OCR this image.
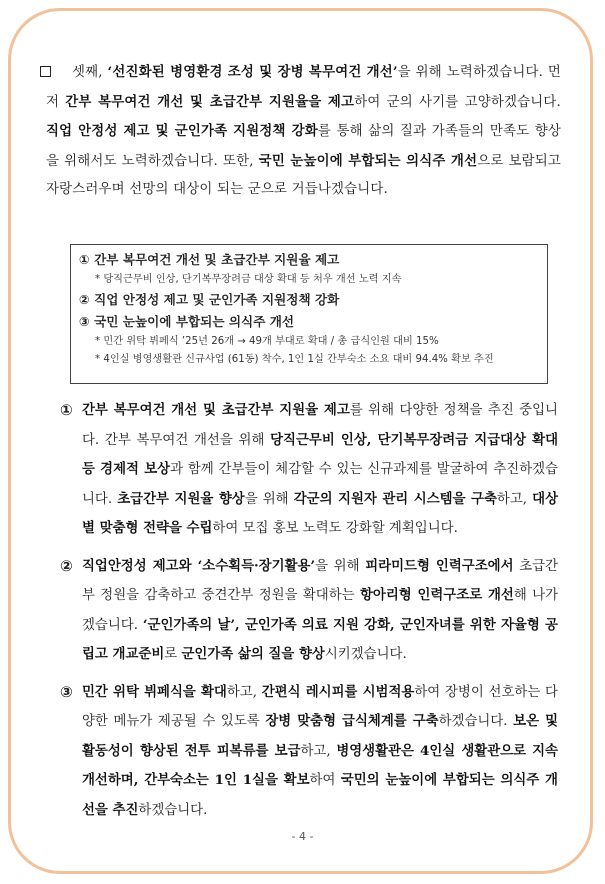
셋째, ‘선진화된 병영환경 조성 및 장병 복무여건 개선’을 위해 노력하겠습니다. 먼저 간부 복무여건 개선 및 초급간부 지원율을 제고하여 군의 사기를 고양하겠습니다. 직업 안정성 제고 및 군인가족 지원정책 강화를 통해 삶의 질과 가족들의 만족도 향상을 위해서도 노력하겠습니다. 또한, 국민 눈높이에 부합되는 의식주 개선으로 보람되고 자랑스러우며 선망의 대상이 되는 군으로 거듭나겠습니다.

① 간부 복무여건 개선 및 초급간부 지원율 제고
* 당직근무비 인상, 단기복무장려금 대상 확대 등 처우 개선 노력 지속
② 직업 안정성 제고 및 군인가족 지원정책 강화
③ 국민 눈높이에 부합되는 의식주 개선
* 민간 위탁 뷔페식 ’25년 26개 → 49개 부대로 확대 / 총 급식인원 대비 15%
* 4인실 병영생활관 신규사업 (61동) 착수, 1인 1실 간부숙소 소요 대비 94.4% 확보 추진
① 간부 복무여건 개선 및 초급간부 지원율 제고를 위해 다양한 정책을 추진 중입니다. 간부 복무여건 개선을 위해 당직근무비 인상, 단기복무장려금 지급대상 확대 등 경제적 보상과 함께 간부들이 체감할 수 있는 신규과제를 발굴하여 추진하겠습니다. 초급간부 지원율 향상을 위해 각군의 지원자 관리 시스템을 구축하고, 대상별 맞춤형 전략을 수립하여 모집 홍보 노력도 강화할 계획입니다.
② 직업안정성 제고와 ‘소수획득·장기활용’을 위해 피라미드형 인력구조에서 초급간부 정원을 감축하고 중견간부 정원을 확대하는 항아리형 인력구조로 개선해 나가겠습니다. ‘군인가족의 날’, 군인가족 의료 지원 강화, 군인자녀를 위한 자율형 공립고 개교준비로 군인가족 삶의 질을 향상시키겠습니다.
③ 민간 위탁 뷔페식을 확대하고, 간편식 레시피를 시범적용하여 장병이 선호하는 다양한 메뉴가 제공될 수 있도록 장병 맞춤형 급식체계를 구축하겠습니다. 보온 및 활동성이 향상된 전투 피복류를 보급하고, 병영생활관은 4인실 생활관으로 지속 개선하며, 간부숙소는 1인 1실을 확보하여 국민의 눈높이에 부합되는 의식주 개선을 추진하겠습니다.
- 4 -
